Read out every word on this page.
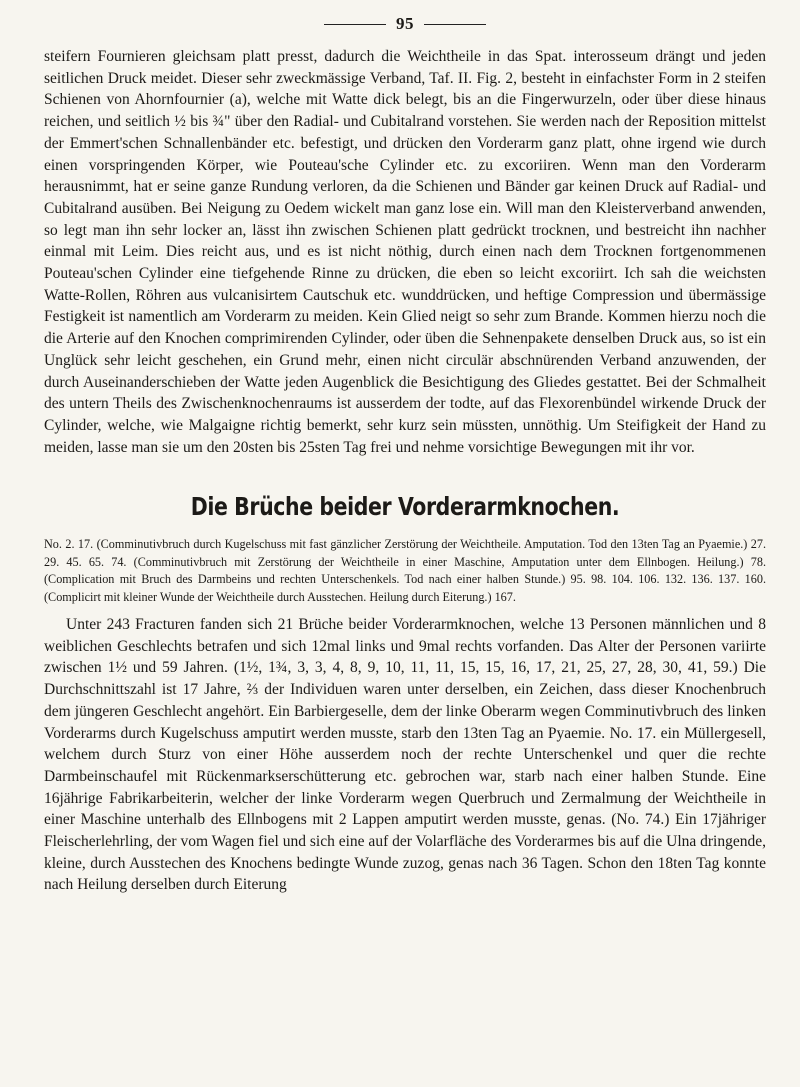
95

steifern Fournieren gleichsam platt presst, dadurch die Weichtheile in das Spat. interosseum drängt und jeden seitlichen Druck meidet. Dieser sehr zweckmässige Verband, Taf. II. Fig. 2, besteht in einfachster Form in 2 steifen Schienen von Ahornfournier (a), welche mit Watte dick belegt, bis an die Fingerwurzeln, oder über diese hinaus reichen, und seitlich ½ bis ¾" über den Radial- und Cubitalrand vorstehen. Sie werden nach der Reposition mittelst der Emmert'schen Schnallenbänder etc. befestigt, und drücken den Vorderarm ganz platt, ohne irgend wie durch einen vorspringenden Körper, wie Pouteau'sche Cylinder etc. zu excoriiren. Wenn man den Vorderarm herausnimmt, hat er seine ganze Rundung verloren, da die Schienen und Bänder gar keinen Druck auf Radial- und Cubitalrand ausüben. Bei Neigung zu Oedem wickelt man ganz lose ein. Will man den Kleisterverband anwenden, so legt man ihn sehr locker an, lässt ihn zwischen Schienen platt gedrückt trocknen, und bestreicht ihn nachher einmal mit Leim. Dies reicht aus, und es ist nicht nöthig, durch einen nach dem Trocknen fortgenommenen Pouteau'schen Cylinder eine tiefgehende Rinne zu drücken, die eben so leicht excoriirt. Ich sah die weichsten Watte-Rollen, Röhren aus vulcanisirtem Cautschuk etc. wunddrücken, und heftige Compression und übermässige Festigkeit ist namentlich am Vorderarm zu meiden. Kein Glied neigt so sehr zum Brande. Kommen hierzu noch die die Arterie auf den Knochen comprimirenden Cylinder, oder üben die Sehnenpakete denselben Druck aus, so ist ein Unglück sehr leicht geschehen, ein Grund mehr, einen nicht circulär abschnürenden Verband anzuwenden, der durch Auseinanderschieben der Watte jeden Augenblick die Besichtigung des Gliedes gestattet. Bei der Schmalheit des untern Theils des Zwischenknochenraums ist ausserdem der todte, auf das Flexorenbündel wirkende Druck der Cylinder, welche, wie Malgaigne richtig bemerkt, sehr kurz sein müssten, unnöthig. Um Steifigkeit der Hand zu meiden, lasse man sie um den 20sten bis 25sten Tag frei und nehme vorsichtige Bewegungen mit ihr vor.

Die Brüche beider Vorderarmknochen.

No. 2. 17. (Comminutivbruch durch Kugelschuss mit fast gänzlicher Zerstörung der Weichtheile. Amputation. Tod den 13ten Tag an Pyaemie.) 27. 29. 45. 65. 74. (Comminutivbruch mit Zerstörung der Weichtheile in einer Maschine, Amputation unter dem Ellnbogen. Heilung.) 78. (Complication mit Bruch des Darmbeins und rechten Unterschenkels. Tod nach einer halben Stunde.) 95. 98. 104. 106. 132. 136. 137. 160. (Complicirt mit kleiner Wunde der Weichtheile durch Ausstechen. Heilung durch Eiterung.) 167.

Unter 243 Fracturen fanden sich 21 Brüche beider Vorderarmknochen, welche 13 Personen männlichen und 8 weiblichen Geschlechts betrafen und sich 12mal links und 9mal rechts vorfanden. Das Alter der Personen variirte zwischen 1½ und 59 Jahren. (1½, 1¾, 3, 3, 4, 8, 9, 10, 11, 11, 15, 15, 16, 17, 21, 25, 27, 28, 30, 41, 59.) Die Durchschnittszahl ist 17 Jahre, ⅔ der Individuen waren unter derselben, ein Zeichen, dass dieser Knochenbruch dem jüngeren Geschlecht angehört. Ein Barbiergeselle, dem der linke Oberarm wegen Comminutivbruch des linken Vorderarms durch Kugelschuss amputirt werden musste, starb den 13ten Tag an Pyaemie. No. 17. ein Müllergesell, welchem durch Sturz von einer Höhe ausserdem noch der rechte Unterschenkel und quer die rechte Darmbeinschaufel mit Rückenmarkserschütterung etc. gebrochen war, starb nach einer halben Stunde. Eine 16jährige Fabrikarbeiterin, welcher der linke Vorderarm wegen Querbruch und Zermalmung der Weichtheile in einer Maschine unterhalb des Ellnbogens mit 2 Lappen amputirt werden musste, genas. (No. 74.) Ein 17jähriger Fleischerlehrling, der vom Wagen fiel und sich eine auf der Volarfläche des Vorderarmes bis auf die Ulna dringende, kleine, durch Ausstechen des Knochens bedingte Wunde zuzog, genas nach 36 Tagen. Schon den 18ten Tag konnte nach Heilung derselben durch Eiterung
